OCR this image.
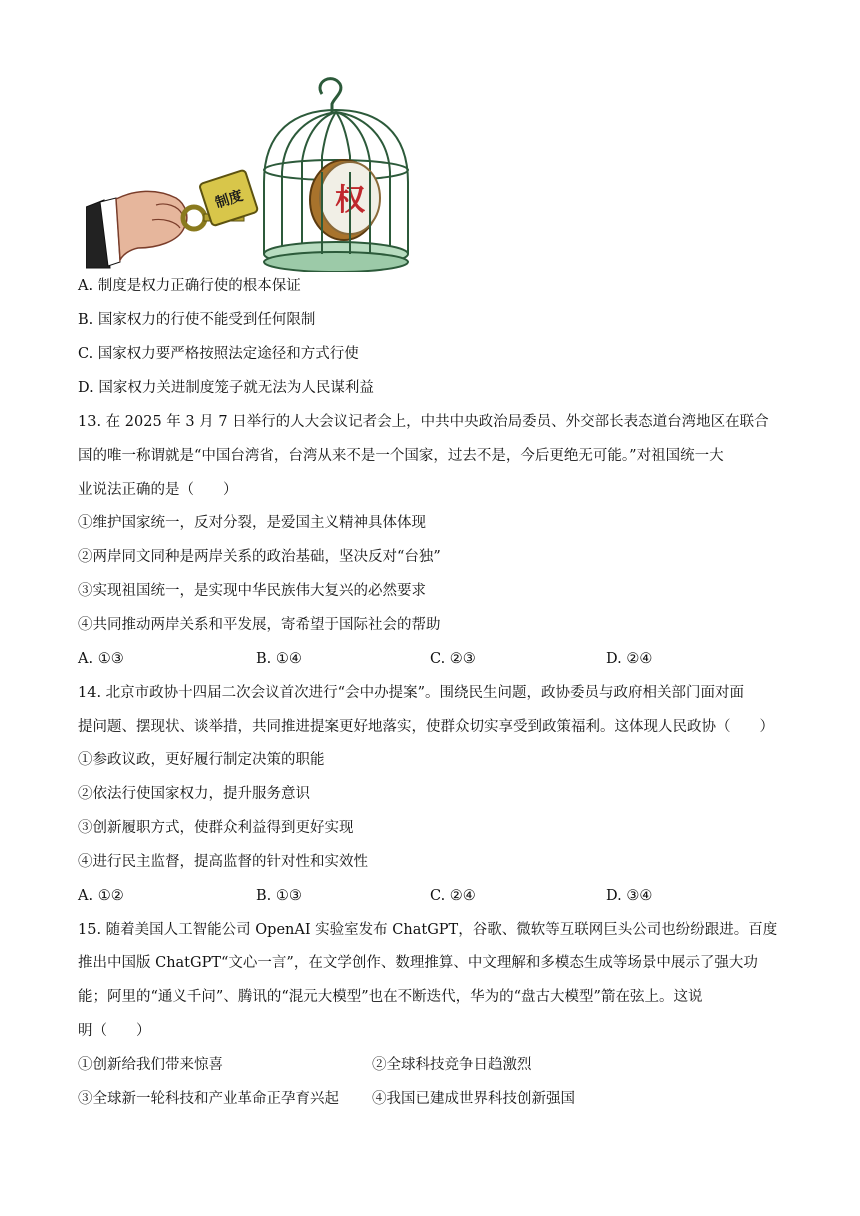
制度	权
A. 制度是权力正确行使的根本保证
B. 国家权力的行使不能受到任何限制
C. 国家权力要严格按照法定途径和方式行使
D. 国家权力关进制度笼子就无法为人民谋利益
13. 在 2025 年 3 月 7 日举行的人大会议记者会上，中共中央政治局委员、外交部长表态道台湾地区在联合
国的唯一称谓就是“中国台湾省，台湾从来不是一个国家，过去不是，今后更绝无可能。”对祖国统一大
业说法正确的是（　　）
①维护国家统一，反对分裂，是爱国主义精神具体体现
②两岸同文同种是两岸关系的政治基础，坚决反对“台独”
③实现祖国统一，是实现中华民族伟大复兴的必然要求
④共同推动两岸关系和平发展，寄希望于国际社会的帮助
A. ①③	B. ①④	C. ②③	D. ②④
14. 北京市政协十四届二次会议首次进行“会中办提案”。围绕民生问题，政协委员与政府相关部门面对面
提问题、摆现状、谈举措，共同推进提案更好地落实，使群众切实享受到政策福利。这体现人民政协（　　）
①参政议政，更好履行制定决策的职能
②依法行使国家权力，提升服务意识
③创新履职方式，使群众利益得到更好实现
④进行民主监督，提高监督的针对性和实效性
A. ①②	B. ①③	C. ②④	D. ③④
15. 随着美国人工智能公司 OpenAI 实验室发布 ChatGPT，谷歌、微软等互联网巨头公司也纷纷跟进。百度
推出中国版 ChatGPT“文心一言”，在文学创作、数理推算、中文理解和多模态生成等场景中展示了强大功
能；阿里的“通义千问”、腾讯的“混元大模型”也在不断迭代，华为的“盘古大模型”箭在弦上。这说
明（　　）
①创新给我们带来惊喜	②全球科技竞争日趋激烈
③全球新一轮科技和产业革命正孕育兴起 ④我国已建成世界科技创新强国
